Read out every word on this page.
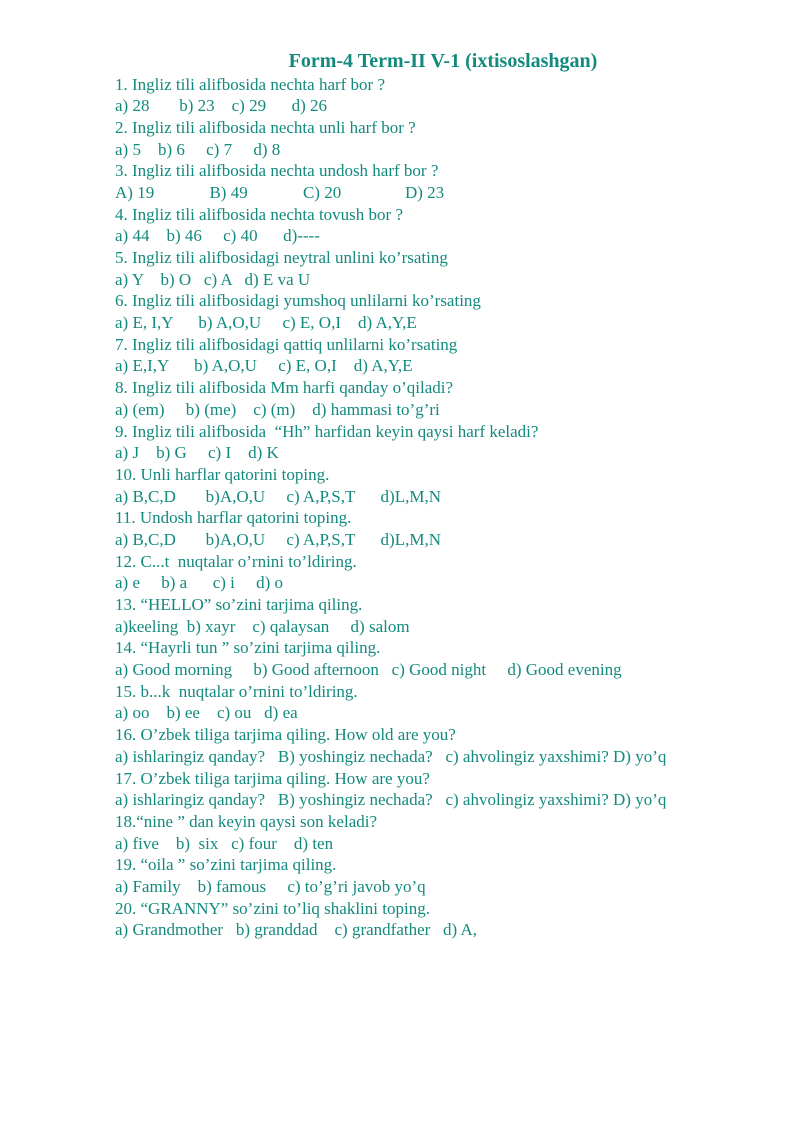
Form-4 Term-II V-1 (ixtisoslashgan)
1. Ingliz tili alifbosida nechta harf bor ?
a) 28       b) 23    c) 29      d) 26
2. Ingliz tili alifbosida nechta unli harf bor ?
a) 5    b) 6     c) 7     d) 8
3. Ingliz tili alifbosida nechta undosh harf bor ?
A) 19             B) 49             C) 20               D) 23
4. Ingliz tili alifbosida nechta tovush bor ?
a) 44    b) 46     c) 40      d)----
5. Ingliz tili alifbosidagi neytral unlini ko’rsating
a) Y    b) O   c) A   d) E va U
6. Ingliz tili alifbosidagi yumshoq unlilarni ko’rsating
a) E, I,Y      b) A,O,U     c) E, O,I    d) A,Y,E
7. Ingliz tili alifbosidagi qattiq unlilarni ko’rsating
a) E,I,Y      b) A,O,U     c) E, O,I    d) A,Y,E
8. Ingliz tili alifbosida Mm harfi qanday o’qiladi?
a) (em)     b) (me)    c) (m)    d) hammasi to’g’ri
9. Ingliz tili alifbosida  “Hh” harfidan keyin qaysi harf keladi?
a) J    b) G     c) I    d) K
10. Unli harflar qatorini toping.
a) B,C,D       b)A,O,U     c) A,P,S,T      d)L,M,N
11. Undosh harflar qatorini toping.
a) B,C,D       b)A,O,U     c) A,P,S,T      d)L,M,N
12. C...t  nuqtalar o’rnini to’ldiring.
a) e     b) a      c) i     d) o
13. “HELLO” so’zini tarjima qiling.
a)keeling  b) xayr    c) qalaysan     d) salom
14. “Hayrli tun ” so’zini tarjima qiling.
a) Good morning     b) Good afternoon   c) Good night     d) Good evening
15. b...k  nuqtalar o’rnini to’ldiring.
a) oo    b) ee    c) ou   d) ea
16. O’zbek tiliga tarjima qiling. How old are you?
a) ishlaringiz qanday?   B) yoshingiz nechada?   c) ahvolingiz yaxshimi? D) yo’q
17. O’zbek tiliga tarjima qiling. How are you?
a) ishlaringiz qanday?   B) yoshingiz nechada?   c) ahvolingiz yaxshimi? D) yo’q
18.“nine ” dan keyin qaysi son keladi?
a) five    b)  six   c) four    d) ten
19. “oila ” so’zini tarjima qiling.
a) Family    b) famous     c) to’g’ri javob yo’q
20. “GRANNY” so’zini to’liq shaklini toping.
a) Grandmother   b) granddad    c) grandfather   d) A,
